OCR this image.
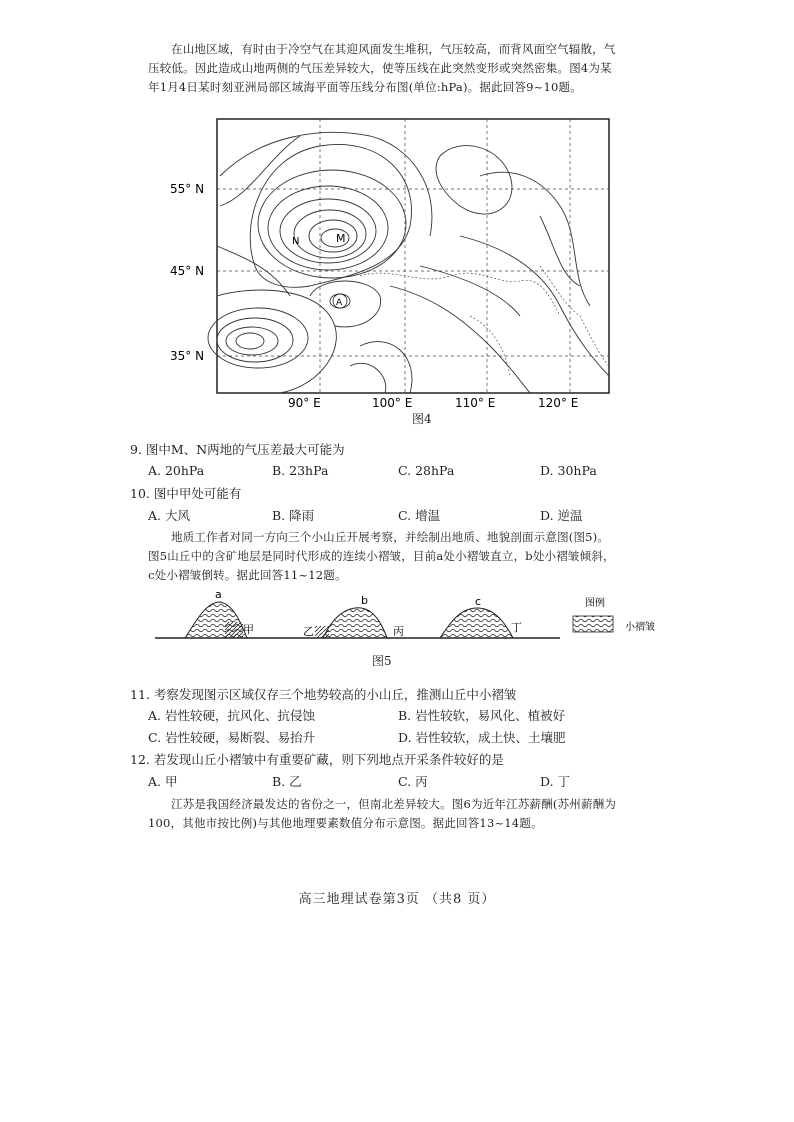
在山地区域，有时由于冷空气在其迎风面发生堆积，气压较高，而背风面空气辐散，气压较低。因此造成山地两侧的气压差异较大，使等压线在此突然变形或突然密集。图4为某年1月4日某时刻亚洲局部区域海平面等压线分布图(单位:hPa)。据此回答9~10题。
55° N
45° N
35° N
90° E	100° E	110° E	120° E
M
N
A
图4
9. 图中M、N两地的气压差最大可能为
A. 20hPa	B. 23hPa	C. 28hPa	D. 30hPa
10. 图中甲处可能有
A. 大风	B. 降雨	C. 增温	D. 逆温
地质工作者对同一方向三个小山丘开展考察，并绘制出地质、地貌剖面示意图(图5)。图5山丘中的含矿地层是同时代形成的连续小褶皱，目前a处小褶皱直立，b处小褶皱倾斜，c处小褶皱倒转。据此回答11~12题。
a	b	c
甲	乙	丙	丁
图例
小褶皱
图5
11. 考察发现图示区域仅存三个地势较高的小山丘，推测山丘中小褶皱
A. 岩性较硬，抗风化、抗侵蚀	B. 岩性较软，易风化、植被好
C. 岩性较硬，易断裂、易抬升	D. 岩性较软，成土快、土壤肥
12. 若发现山丘小褶皱中有重要矿藏，则下列地点开采条件较好的是
A. 甲	B. 乙	C. 丙	D. 丁
江苏是我国经济最发达的省份之一，但南北差异较大。图6为近年江苏薪酬(苏州薪酬为100，其他市按比例)与其他地理要素数值分布示意图。据此回答13~14题。
高三地理试卷第3页 （共8 页）
